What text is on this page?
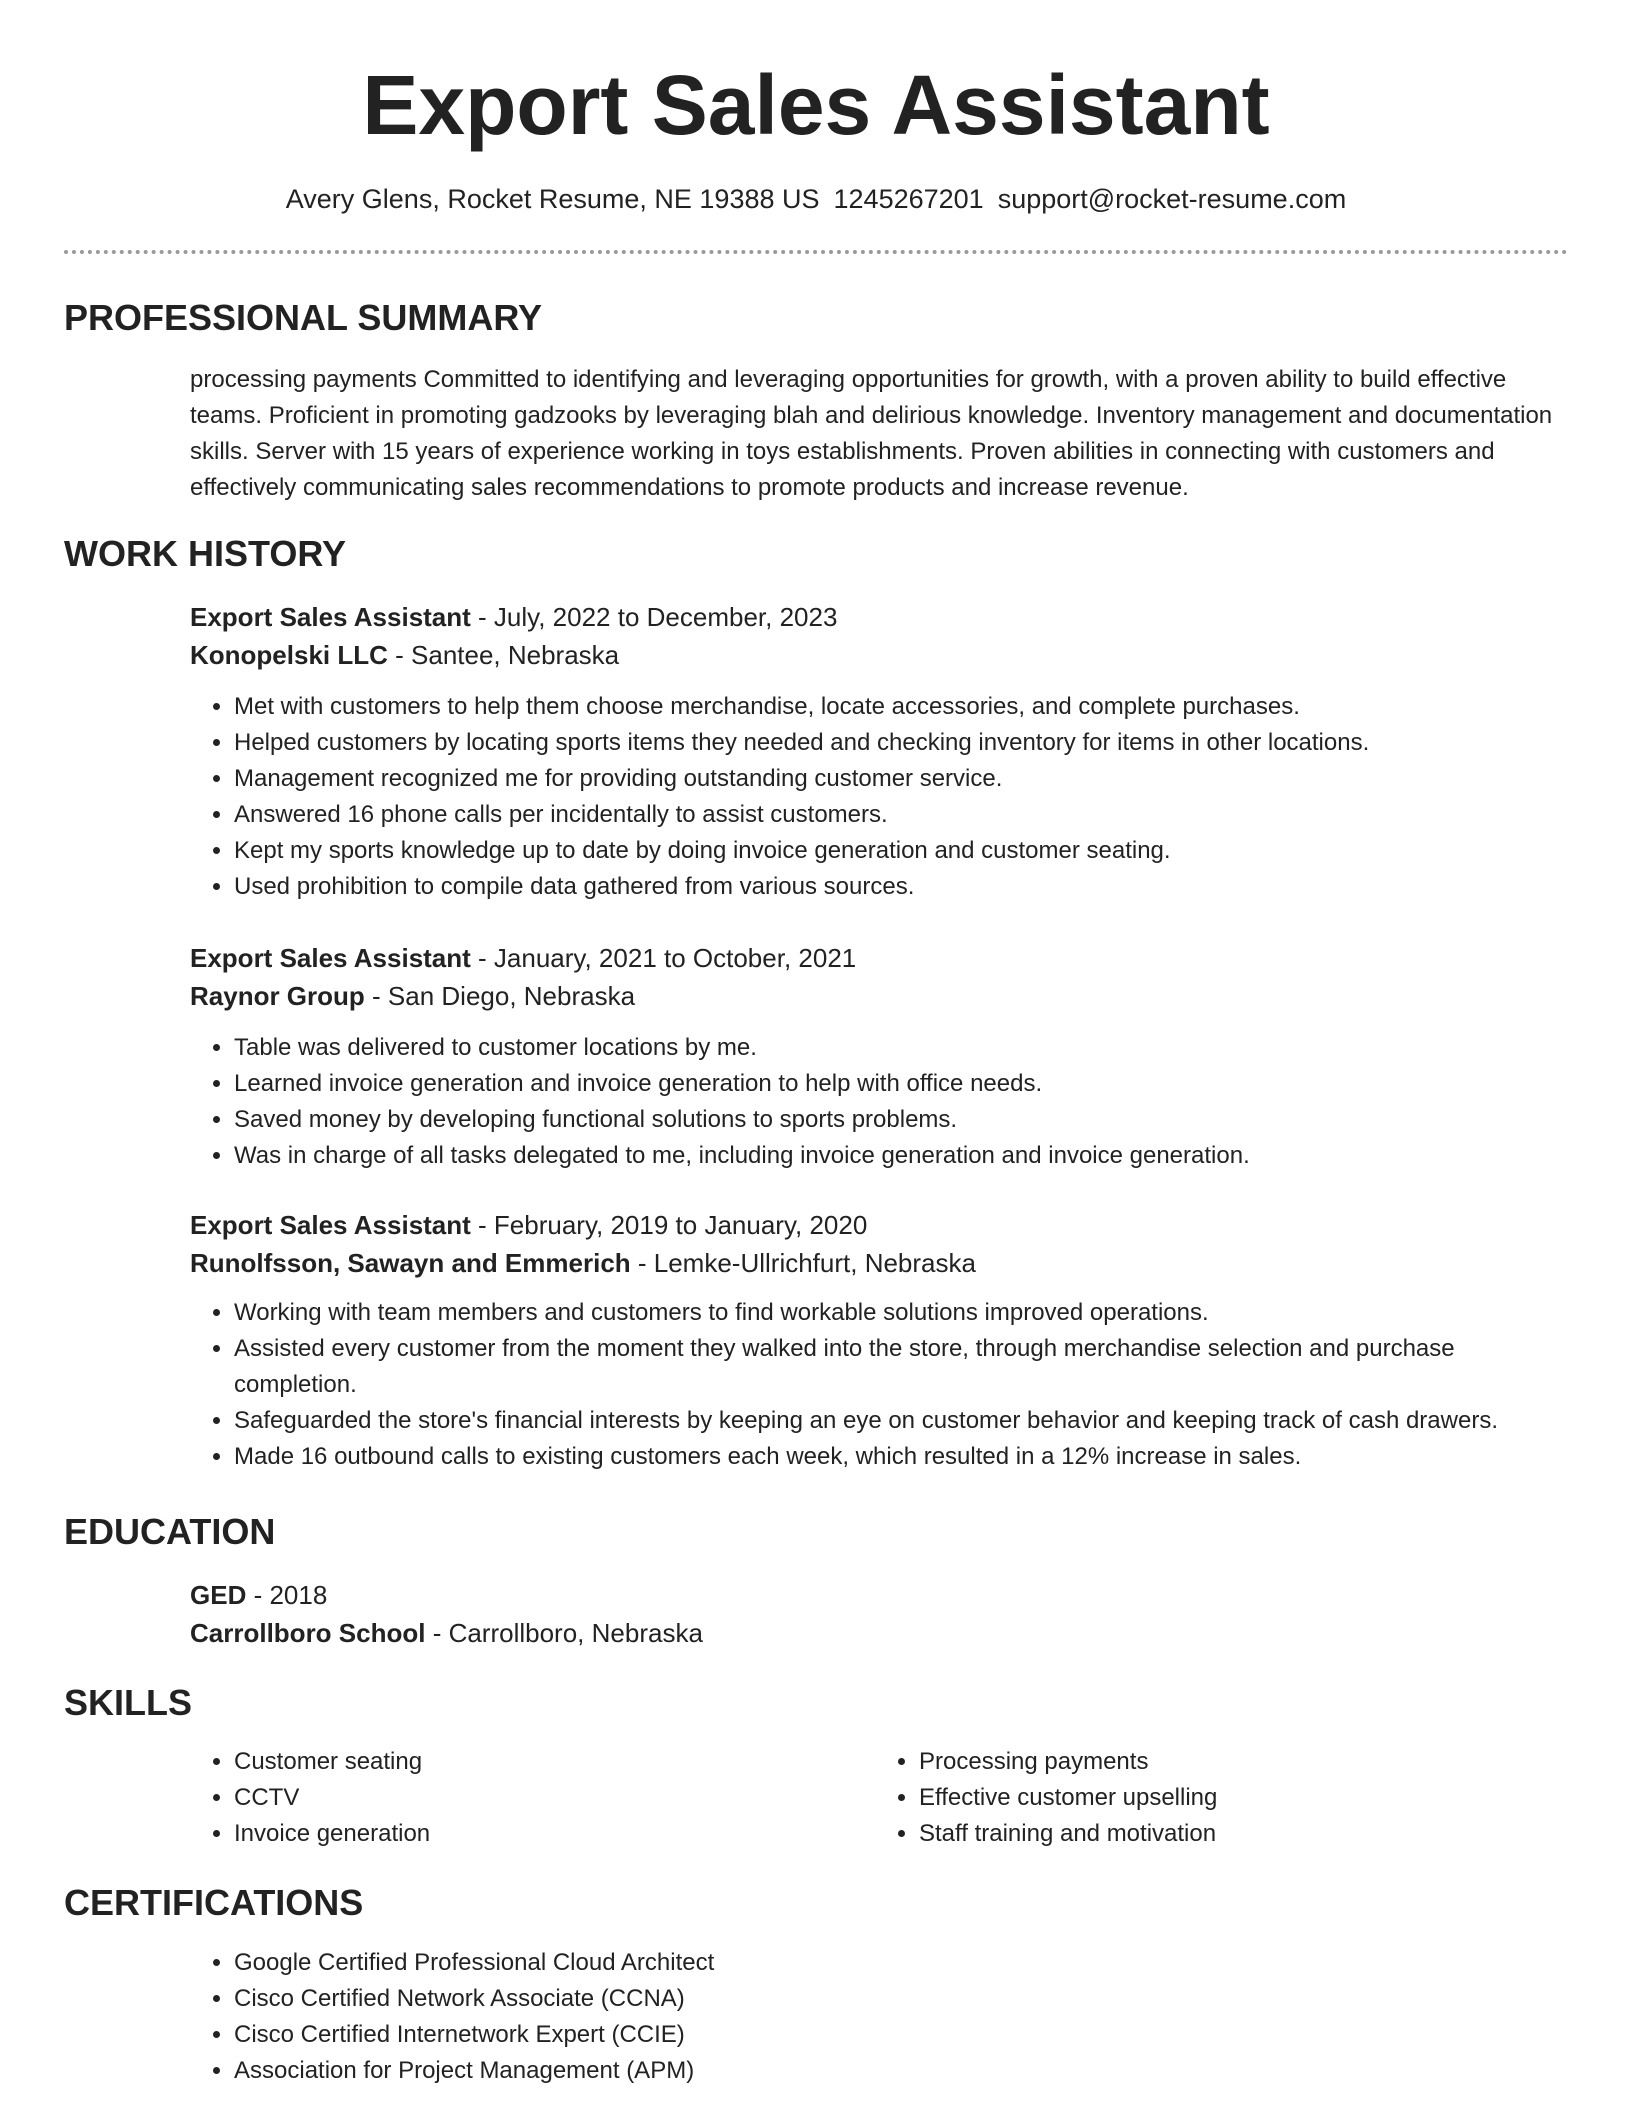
Export Sales Assistant
Avery Glens, Rocket Resume, NE 19388 US 1245267201 support@rocket-resume.com
PROFESSIONAL SUMMARY

processing payments Committed to identifying and leveraging opportunities for growth, with a proven ability to build effective teams. Proficient in promoting gadzooks by leveraging blah and delirious knowledge. Inventory management and documentation skills. Server with 15 years of experience working in toys establishments. Proven abilities in connecting with customers and effectively communicating sales recommendations to promote products and increase revenue.

WORK HISTORY

Export Sales Assistant - July, 2022 to December, 2023

Konopelski LLC - Santee, Nebraska

• Met with customers to help them choose merchandise, locate accessories, and complete purchases.
• Helped customers by locating sports items they needed and checking inventory for items in other locations.
• Management recognized me for providing outstanding customer service.
• Answered 16 phone calls per incidentally to assist customers.
• Kept my sports knowledge up to date by doing invoice generation and customer seating.
• Used prohibition to compile data gathered from various sources.

Export Sales Assistant - January, 2021 to October, 2021

Raynor Group - San Diego, Nebraska

• Table was delivered to customer locations by me.
• Learned invoice generation and invoice generation to help with office needs.
• Saved money by developing functional solutions to sports problems.
• Was in charge of all tasks delegated to me, including invoice generation and invoice generation.

Export Sales Assistant - February, 2019 to January, 2020

Runolfsson, Sawayn and Emmerich - Lemke-Ullrichfurt, Nebraska

• Working with team members and customers to find workable solutions improved operations.
• Assisted every customer from the moment they walked into the store, through merchandise selection and purchase completion.
• Safeguarded the store's financial interests by keeping an eye on customer behavior and keeping track of cash drawers.
• Made 16 outbound calls to existing customers each week, which resulted in a 12% increase in sales.
EDUCATION

GED - 2018

Carrollboro School - Carrollboro, Nebraska

SKILLS
• Customer seating
• CCTV
• Invoice generation
• Processing payments
• Effective customer upselling
• Staff training and motivation
CERTIFICATIONS
• Google Certified Professional Cloud Architect
• Cisco Certified Network Associate (CCNA)
• Cisco Certified Internetwork Expert (CCIE)
• Association for Project Management (APM)
